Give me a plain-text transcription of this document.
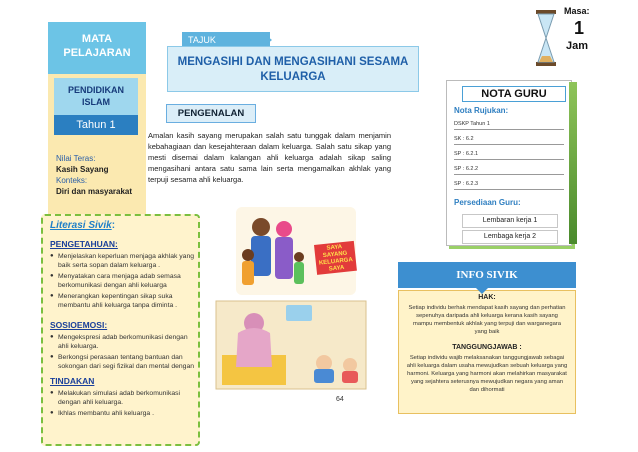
MATA PELAJARAN
PENDIDIKAN ISLAM
Tahun 1
Nilai Teras:
Kasih Sayang
Konteks:
Diri dan masyarakat
Literasi Sivik:
PENGETAHUAN:
● Menjelaskan keperluan menjaga akhlak yang baik serta sopan dalam keluarga .
● Menyatakan cara menjaga adab semasa berkomunikasi dengan ahli keluarga
● Menerangkan kepentingan sikap suka membantu ahli keluarga tanpa diminta .
SOSIOEMOSI:
● Mengekspresi adab berkomunikasi dengan ahli keluarga.
● Berkongsi perasaan tentang bantuan dan sokongan dari segi fizikal dan mental dengan
TINDAKAN
● Melakukan simulasi adab berkomunikasi dengan ahli keluarga.
● Ikhlas membantu ahli keluarga .
TAJUK
MENGASIHI DAN MENGASIHANI SESAMA KELUARGA
PENGENALAN
Amalan kasih sayang merupakan salah satu tunggak dalam menjamin kebahagiaan dan kesejahteraan dalam keluarga. Salah satu sikap yang mesti disemai dalam kalangan ahli keluarga adalah sikap saling mengasihani antara satu sama lain serta mengamalkan akhlak yang terpuji sesama ahli keluarga.
SAYA SAYANG KELUARGA SAYA
64
Masa:
1
Jam
NOTA GURU
Nota Rujukan:
DSKP Tahun 1
SK : 6.2
SP : 6.2.1
SP : 6.2.2
SP : 6.2.3
Persediaan Guru:
Lembaran kerja 1
Lembaga kerja 2
INFO SIVIK
HAK:
Setiap individu berhak mendapat kasih sayang dan perhatian sepenuhya daripada ahli keluarga kerana kasih sayang mampu membentuk akhlak yang terpuji dan warganegara yang baik
TANGGUNGJAWAB :
Setiap individu wajib melaksanakan tanggungjawab sebagai ahli keluarga dalam usaha mewujudkan sebuah keluarga yang harmoni. Keluarga yang harmoni akan melahirkan masyarakat yang sejahtera seterusnya mewujudkan negara yang aman dan dihormati
